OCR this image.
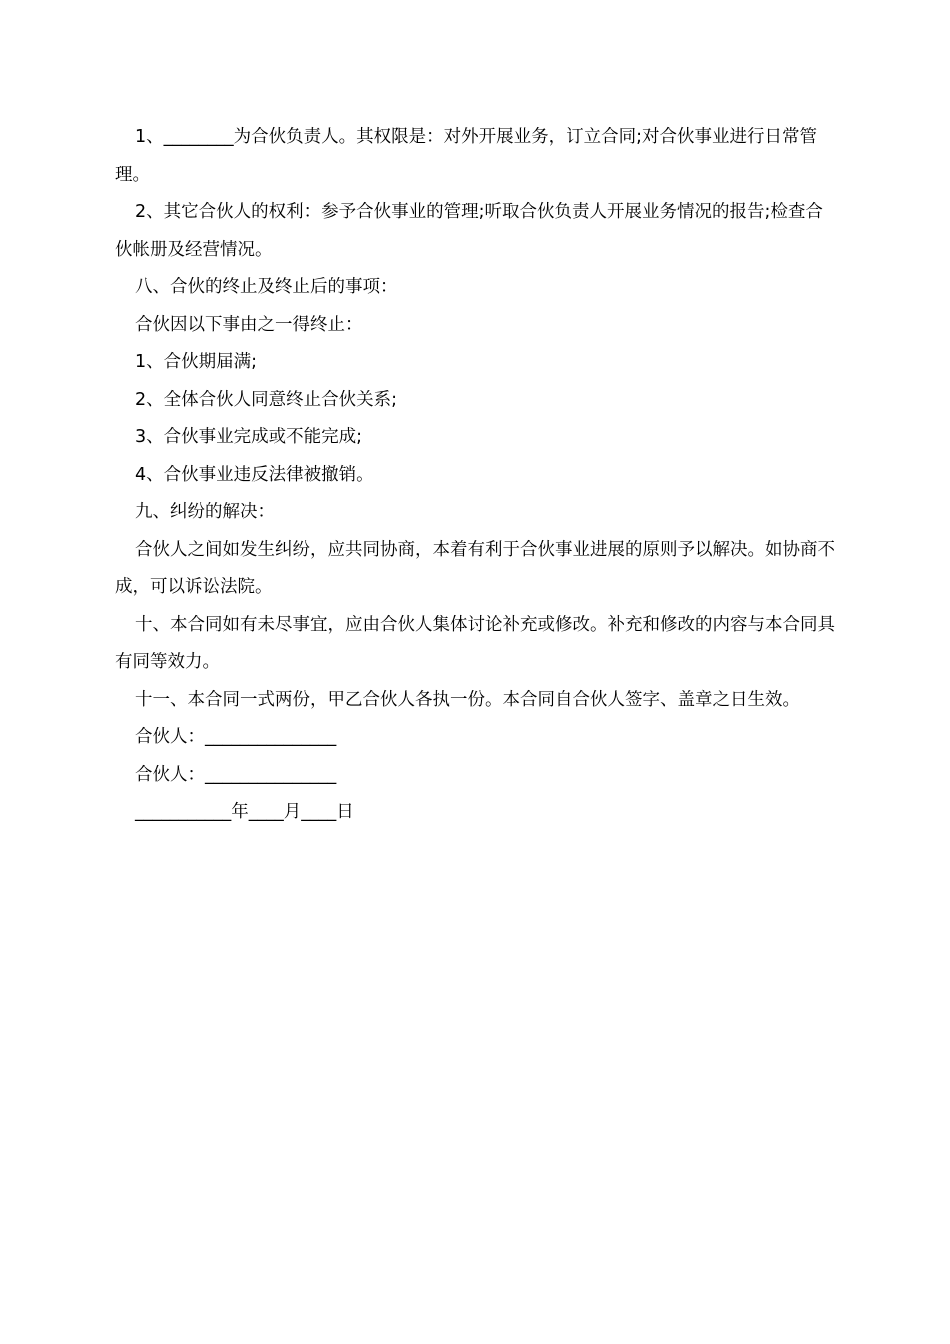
1、________为合伙负责人。其权限是：对外开展业务，订立合同;对合伙事业进行日常管理。

2、其它合伙人的权利：参予合伙事业的管理;听取合伙负责人开展业务情况的报告;检查合伙帐册及经营情况。

八、合伙的终止及终止后的事项：

合伙因以下事由之一得终止：

1、合伙期届满;

2、全体合伙人同意终止合伙关系;

3、合伙事业完成或不能完成;

4、合伙事业违反法律被撤销。

九、纠纷的解决：

合伙人之间如发生纠纷，应共同协商，本着有利于合伙事业进展的原则予以解决。如协商不成，可以诉讼法院。

十、本合同如有未尽事宜，应由合伙人集体讨论补充或修改。补充和修改的内容与本合同具有同等效力。

十一、本合同一式两份，甲乙合伙人各执一份。本合同自合伙人签字、盖章之日生效。

合伙人：_______________

合伙人：_______________

___________年____月____日
